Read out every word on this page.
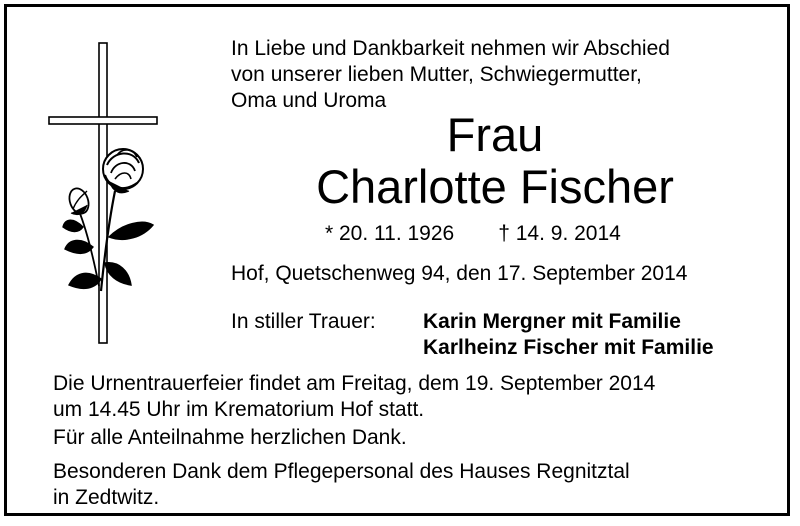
In Liebe und Dankbarkeit nehmen wir Abschied
von unserer lieben Mutter, Schwiegermutter,
Oma und Uroma
Frau
Charlotte Fischer
* 20. 11. 1926 † 14. 9. 2014
Hof, Quetschenweg 94, den 17. September 2014
In stiller Trauer: Karin Mergner mit Familie
Karlheinz Fischer mit Familie
Die Urnentrauerfeier findet am Freitag, dem 19. September 2014
um 14.45 Uhr im Krematorium Hof statt.
Für alle Anteilnahme herzlichen Dank.
Besonderen Dank dem Pflegepersonal des Hauses Regnitztal
in Zedtwitz.
